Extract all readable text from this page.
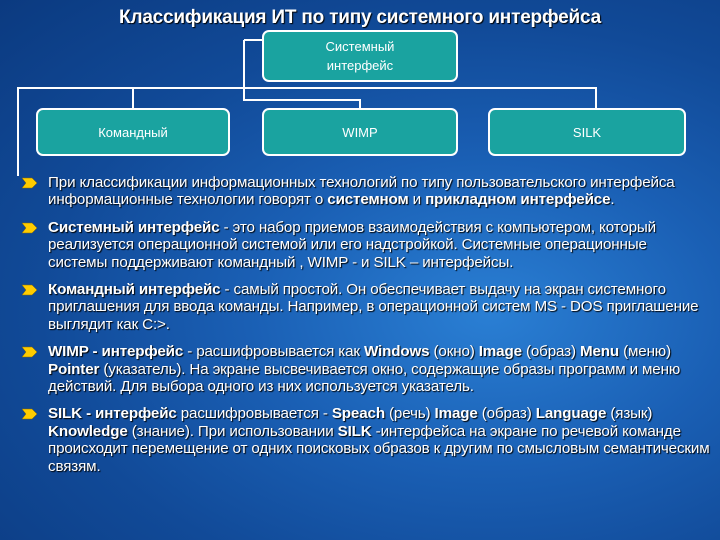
Классификация ИТ по типу системного интерфейса
Системный
интерфейс
Командный	WIMP	SILK
При классификации информационных технологий по типу пользовательского интерфейса информационные технологии говорят о системном и прикладном интерфейсе.
Системный интерфейс - это набор приемов взаимодействия с компьютером, который реализуется операционной системой или его надстройкой. Системные операционные системы поддерживают командный , WIMP - и SILK – интерфейсы.
Командный интерфейс - самый простой. Он обеспечивает выдачу на экран системного приглашения для ввода команды. Например, в операционной систем MS - DOS приглашение выглядит как С:>.
WIMP - интерфейс - расшифровывается как Windows (окно) Image (образ) Menu (меню) Pointer (указатель). На экране высвечивается окно, содержащие образы программ и меню действий. Для выбора одного из них используется указатель.
SILK - интерфейс расшифровывается - Speach (речь) Image (образ) Language (язык) Knowledge (знание). При использовании SILK -интерфейса на экране по речевой команде происходит перемещение от одних поисковых образов к другим по смысловым семантическим связям.
